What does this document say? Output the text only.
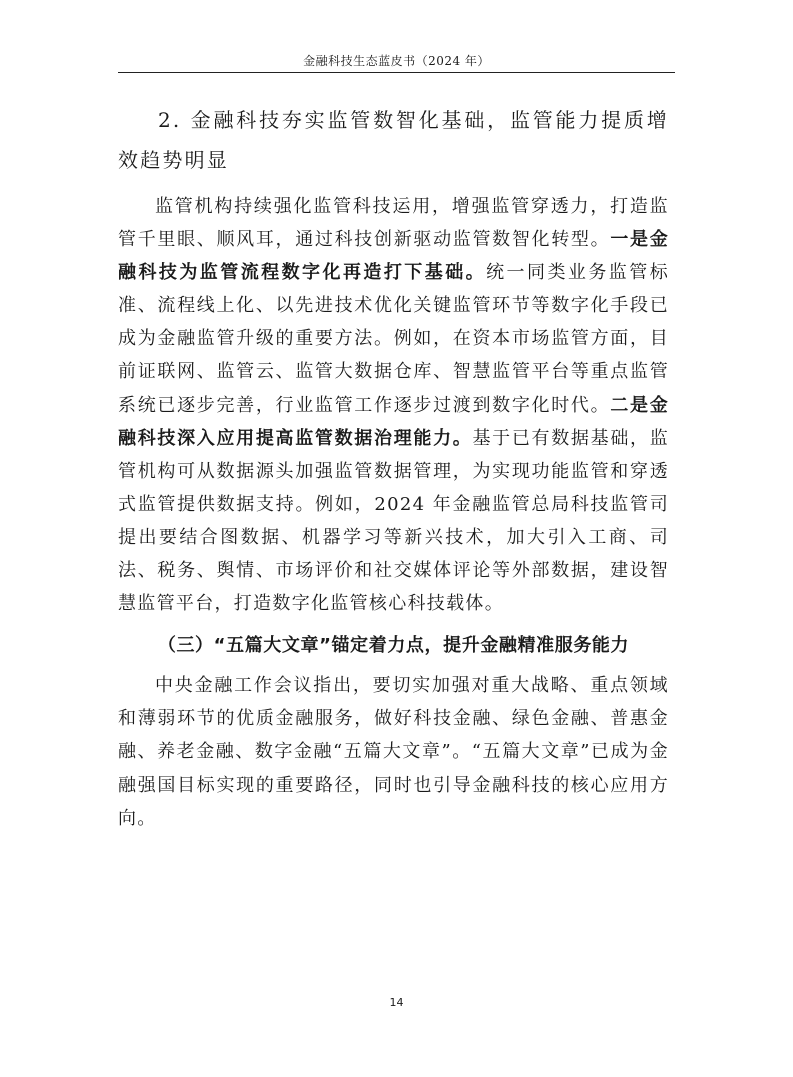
金融科技生态蓝皮书（2024 年）

2. 金融科技夯实监管数智化基础，监管能力提质增效趋势明显

监管机构持续强化监管科技运用，增强监管穿透力，打造监管千里眼、顺风耳，通过科技创新驱动监管数智化转型。一是金融科技为监管流程数字化再造打下基础。统一同类业务监管标准、流程线上化、以先进技术优化关键监管环节等数字化手段已成为金融监管升级的重要方法。例如，在资本市场监管方面，目前证联网、监管云、监管大数据仓库、智慧监管平台等重点监管系统已逐步完善，行业监管工作逐步过渡到数字化时代。二是金融科技深入应用提高监管数据治理能力。基于已有数据基础，监管机构可从数据源头加强监管数据管理，为实现功能监管和穿透式监管提供数据支持。例如，2024 年金融监管总局科技监管司提出要结合图数据、机器学习等新兴技术，加大引入工商、司法、税务、舆情、市场评价和社交媒体评论等外部数据，建设智慧监管平台，打造数字化监管核心科技载体。

（三）“五篇大文章”锚定着力点，提升金融精准服务能力

中央金融工作会议指出，要切实加强对重大战略、重点领域和薄弱环节的优质金融服务，做好科技金融、绿色金融、普惠金融、养老金融、数字金融“五篇大文章”。“五篇大文章”已成为金融强国目标实现的重要路径，同时也引导金融科技的核心应用方向。

14
